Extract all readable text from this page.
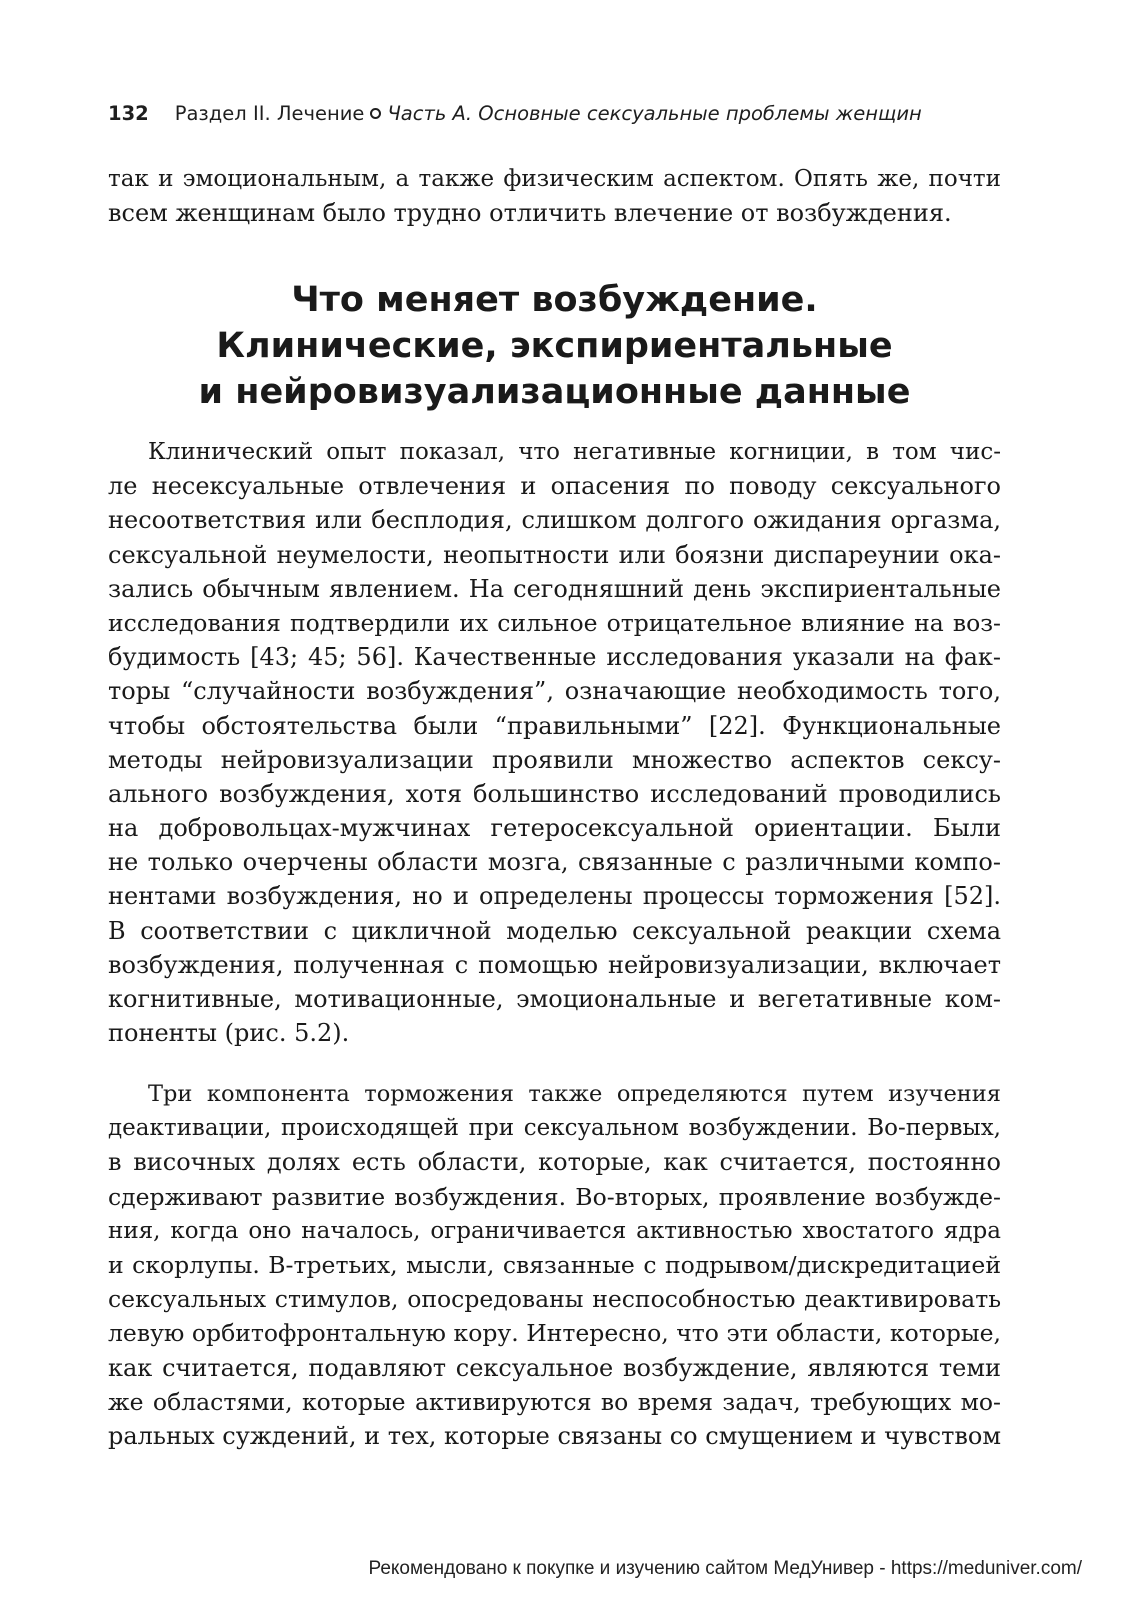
132 Раздел II. Лечение Часть А. Основные сексуальные проблемы женщин
так и эмоциональным, а также физическим аспектом. Опять же, почти
всем женщинам было трудно отличить влечение от возбуждения.
Что меняет возбуждение.
Клинические, экспириентальные
и нейровизуализационные данные
Клинический опыт показал, что негативные когниции, в том чис-
ле несексуальные отвлечения и опасения по поводу сексуального
несоответствия или бесплодия, слишком долгого ожидания оргазма,
сексуальной неумелости, неопытности или боязни диспареунии ока-
зались обычным явлением. На сегодняшний день экспириентальные
исследования подтвердили их сильное отрицательное влияние на воз-
будимость [43; 45; 56]. Качественные исследования указали на фак-
торы “случайности возбуждения”, означающие необходимость того,
чтобы обстоятельства были “правильными” [22]. Функциональные
методы нейровизуализации проявили множество аспектов сексу-
ального возбуждения, хотя большинство исследований проводились
на добровольцах-мужчинах гетеросексуальной ориентации. Были
не только очерчены области мозга, связанные с различными компо-
нентами возбуждения, но и определены процессы торможения [52].
В соответствии с цикличной моделью сексуальной реакции схема
возбуждения, полученная с помощью нейровизуализации, включает
когнитивные, мотивационные, эмоциональные и вегетативные ком-
поненты (рис. 5.2).
Три компонента торможения также определяются путем изучения
деактивации, происходящей при сексуальном возбуждении. Во-первых,
в височных долях есть области, которые, как считается, постоянно
сдерживают развитие возбуждения. Во-вторых, проявление возбужде-
ния, когда оно началось, ограничивается активностью хвостатого ядра
и скорлупы. В-третьих, мысли, связанные с подрывом/дискредитацией
сексуальных стимулов, опосредованы неспособностью деактивировать
левую орбитофронтальную кору. Интересно, что эти области, которые,
как считается, подавляют сексуальное возбуждение, являются теми
же областями, которые активируются во время задач, требующих мо-
ральных суждений, и тех, которые связаны со смущением и чувством
Рекомендовано к покупке и изучению сайтом МедУнивер - https://meduniver.com/
